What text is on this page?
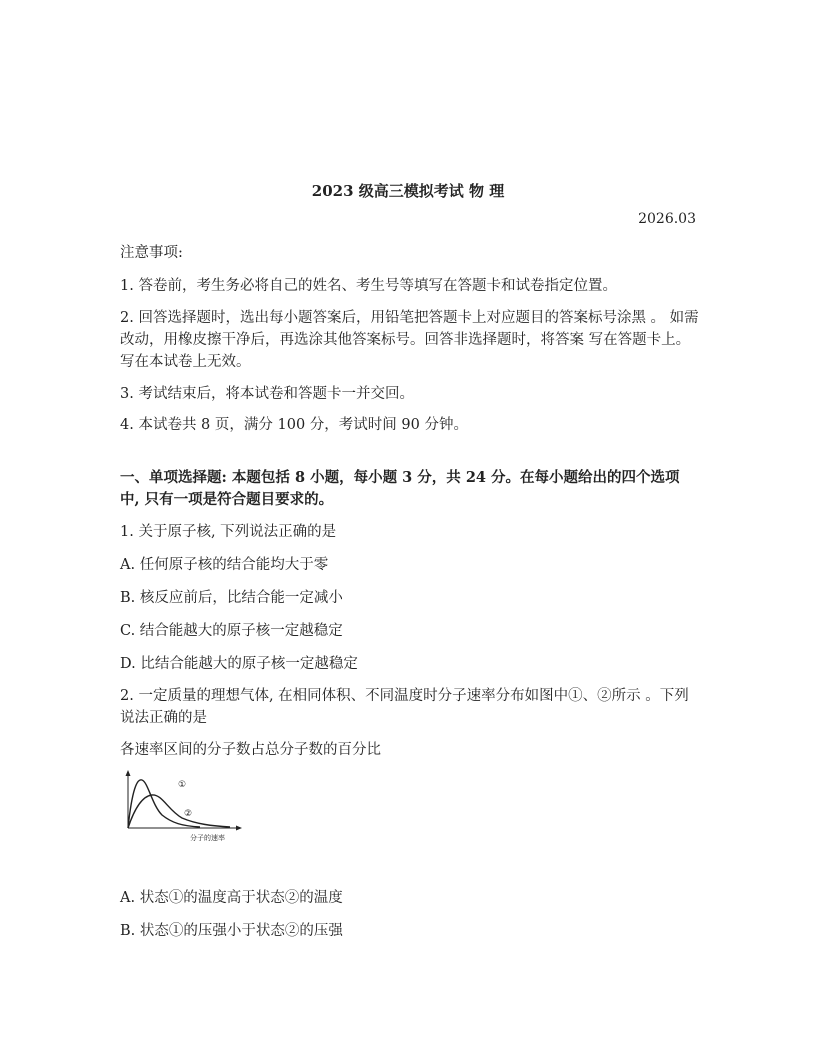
2023 级高三模拟考试 物 理
2026.03
注意事项:
1. 答卷前，考生务必将自己的姓名、考生号等填写在答题卡和试卷指定位置。
2. 回答选择题时，选出每小题答案后，用铅笔把答题卡上对应题目的答案标号涂黑 。 如需改动，用橡皮擦干净后，再选涂其他答案标号。回答非选择题时，将答案 写在答题卡上。写在本试卷上无效。
3. 考试结束后，将本试卷和答题卡一并交回。
4. 本试卷共 8 页，满分 100 分，考试时间 90 分钟。
一、单项选择题: 本题包括 8 小题，每小题 3 分，共 24 分。在每小题给出的四个选项 中, 只有一项是符合题目要求的。
1. 关于原子核, 下列说法正确的是
A. 任何原子核的结合能均大于零
B. 核反应前后，比结合能一定减小
C. 结合能越大的原子核一定越稳定
D. 比结合能越大的原子核一定越稳定
2. 一定质量的理想气体, 在相同体积、不同温度时分子速率分布如图中①、②所示 。下列说法正确的是
各速率区间的分子数占总分子数的百分比
①
②
分子的速率
A. 状态①的温度高于状态②的温度
B. 状态①的压强小于状态②的压强
